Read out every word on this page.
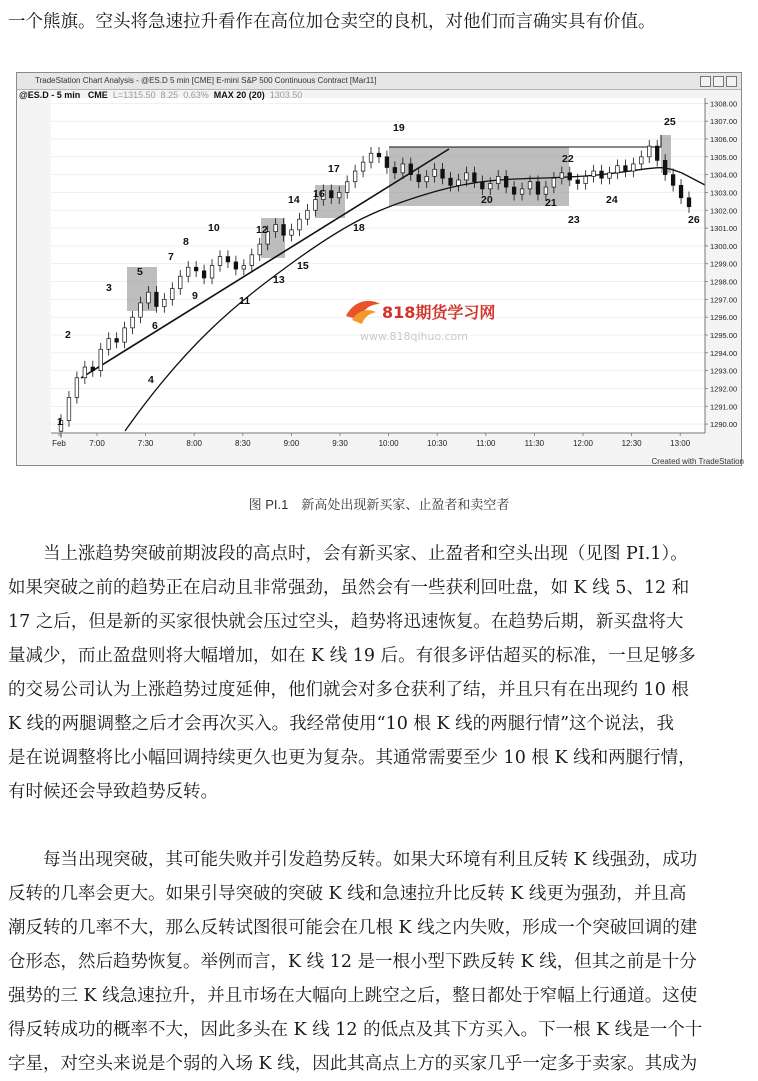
一个熊旗。空头将急速拉升看作在高位加仓卖空的良机，对他们而言确实具有价值。

1
2
3
4
5
6
7
8
9
10
11
12
13
14
15
16
17
18
19
20	21
22
23
24
25
26
1308.00
1307.00
1306.00
1305.00
1304.00
1303.00
1302.00
1301.00
1300.00
1299.00
1298.00
1297.00
1296.00
1295.00
1294.00
1293.00
1292.00
1291.00
1290.00
Feb	7:00	7:30	8:00	8:30	9:00	9:30	10:00	10:30	11:00	11:30	12:00	12:30	13:00
TradeStation Chart Analysis - @ES.D 5 min [CME] E-mini S&P 500 Continuous Contract [Mar11]
@ES.D - 5 min CME L=1315.50 8.25 0.63% MAX 20 (20) 1303.50
818期货学习网
www.818qihuo.com
Created with TradeStation
图 PI.1　新高处出现新买家、止盈者和卖空者

当上涨趋势突破前期波段的高点时，会有新买家、止盈者和空头出现（见图 PI.1）。

如果突破之前的趋势正在启动且非常强劲，虽然会有一些获利回吐盘，如 K 线 5、12 和

17 之后，但是新的买家很快就会压过空头，趋势将迅速恢复。在趋势后期，新买盘将大

量减少，而止盈盘则将大幅增加，如在 K 线 19 后。有很多评估超买的标准，一旦足够多

的交易公司认为上涨趋势过度延伸，他们就会对多仓获利了结，并且只有在出现约 10 根

K 线的两腿调整之后才会再次买入。我经常使用“10 根 K 线的两腿行情”这个说法，我

是在说调整将比小幅回调持续更久也更为复杂。其通常需要至少 10 根 K 线和两腿行情，

有时候还会导致趋势反转。

每当出现突破，其可能失败并引发趋势反转。如果大环境有利且反转 K 线强劲，成功

反转的几率会更大。如果引导突破的突破 K 线和急速拉升比反转 K 线更为强劲，并且高

潮反转的几率不大，那么反转试图很可能会在几根 K 线之内失败，形成一个突破回调的建

仓形态，然后趋势恢复。举例而言，K 线 12 是一根小型下跌反转 K 线，但其之前是十分

强势的三 K 线急速拉升，并且市场在大幅向上跳空之后，整日都处于窄幅上行通道。这使

得反转成功的概率不大，因此多头在 K 线 12 的低点及其下方买入。下一根 K 线是一个十

字星，对空头来说是个弱的入场 K 线，因此其高点上方的买家几乎一定多于卖家。其成为
